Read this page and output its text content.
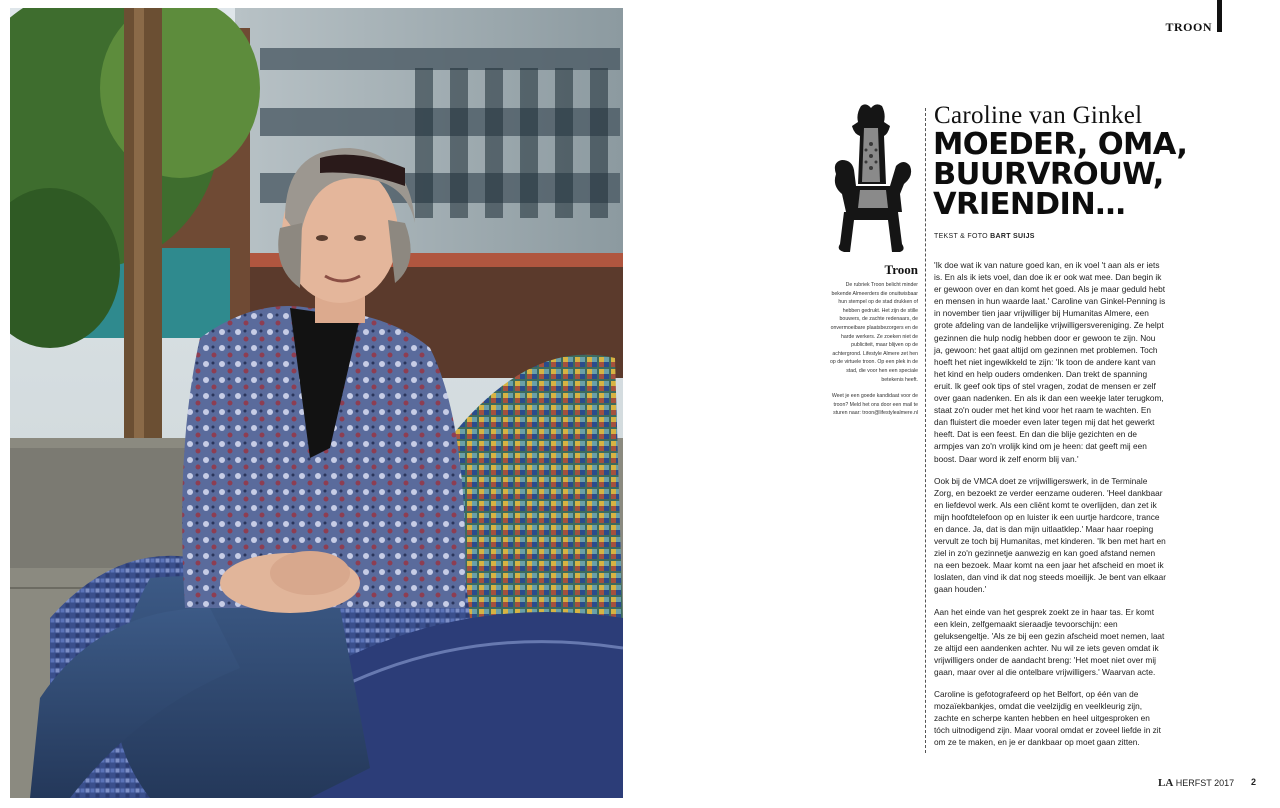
TROON
Troon
De rubriek Troon belicht minder bekende Almeerders die onuitwisbaar hun stempel op de stad drukken of hebben gedrukt. Het zijn de stille bouwers, de zachte redenaars, de onvermoeibare plaatsbezorgers en de harde werkers. Ze zoeken niet de publiciteit, maar blijven op de achtergrond. Lifestyle Almere zet hen op de virtuele troon. Op een plek in de stad, die voor hen een speciale betekenis heeft.
Weet je een goede kandidaat voor de troon? Meld het ons door een mail te sturen naar: troon@lifestylealmere.nl
Caroline van Ginkel
MOEDER, OMA,
BUURVROUW,
VRIENDIN…
TEKST & FOTO BART SUIJS

'Ik doe wat ik van nature goed kan, en ik voel 't aan als er iets is. En als ik iets voel, dan doe ik er ook wat mee. Dan begin ik er gewoon over en dan komt het goed. Als je maar geduld hebt en mensen in hun waarde laat.' Caroline van Ginkel-Penning is in november tien jaar vrijwilliger bij Humanitas Almere, een grote afdeling van de landelijke vrijwilligersvereniging. Ze helpt gezinnen die hulp nodig hebben door er gewoon te zijn. Nou ja, gewoon: het gaat altijd om gezinnen met problemen. Toch hoeft het niet ingewikkeld te zijn: 'Ik toon de andere kant van het kind en help ouders omdenken. Dan trekt de spanning eruit. Ik geef ook tips of stel vragen, zodat de mensen er zelf over gaan nadenken. En als ik dan een weekje later terugkom, staat zo'n ouder met het kind voor het raam te wachten. En dan fluistert die moeder even later tegen mij dat het gewerkt heeft. Dat is een feest. En dan die blije gezichten en de armpjes van zo'n vrolijk kind om je heen: dat geeft mij een boost. Daar word ik zelf enorm blij van.'

Ook bij de VMCA doet ze vrijwilligerswerk, in de Terminale Zorg, en bezoekt ze verder eenzame ouderen. 'Heel dankbaar en liefdevol werk. Als een cliënt komt te overlijden, dan zet ik mijn hoofdtelefoon op en luister ik een uurtje hardcore, trance en dance. Ja, dat is dan mijn uitlaatklep.' Maar haar roeping vervult ze toch bij Humanitas, met kinderen. 'Ik ben met hart en ziel in zo'n gezinnetje aanwezig en kan goed afstand nemen na een bezoek. Maar komt na een jaar het afscheid en moet ik loslaten, dan vind ik dat nog steeds moeilijk. Je bent van elkaar gaan houden.'

Aan het einde van het gesprek zoekt ze in haar tas. Er komt een klein, zelfgemaakt sieraadje tevoorschijn: een geluksengeltje. 'Als ze bij een gezin afscheid moet nemen, laat ze altijd een aandenken achter. Nu wil ze iets geven omdat ik vrijwilligers onder de aandacht breng: 'Het moet niet over mij gaan, maar over al die ontelbare vrijwilligers.' Waarvan acte.

Caroline is gefotografeerd op het Belfort, op één van de mozaïekbankjes, omdat die veelzijdig en veelkleurig zijn, zachte en scherpe kanten hebben en heel uitgesproken en tóch uitnodigend zijn. Maar vooral omdat er zoveel liefde in zit om ze te maken, en je er dankbaar op moet gaan zitten.

LA HERFST 2017 2
